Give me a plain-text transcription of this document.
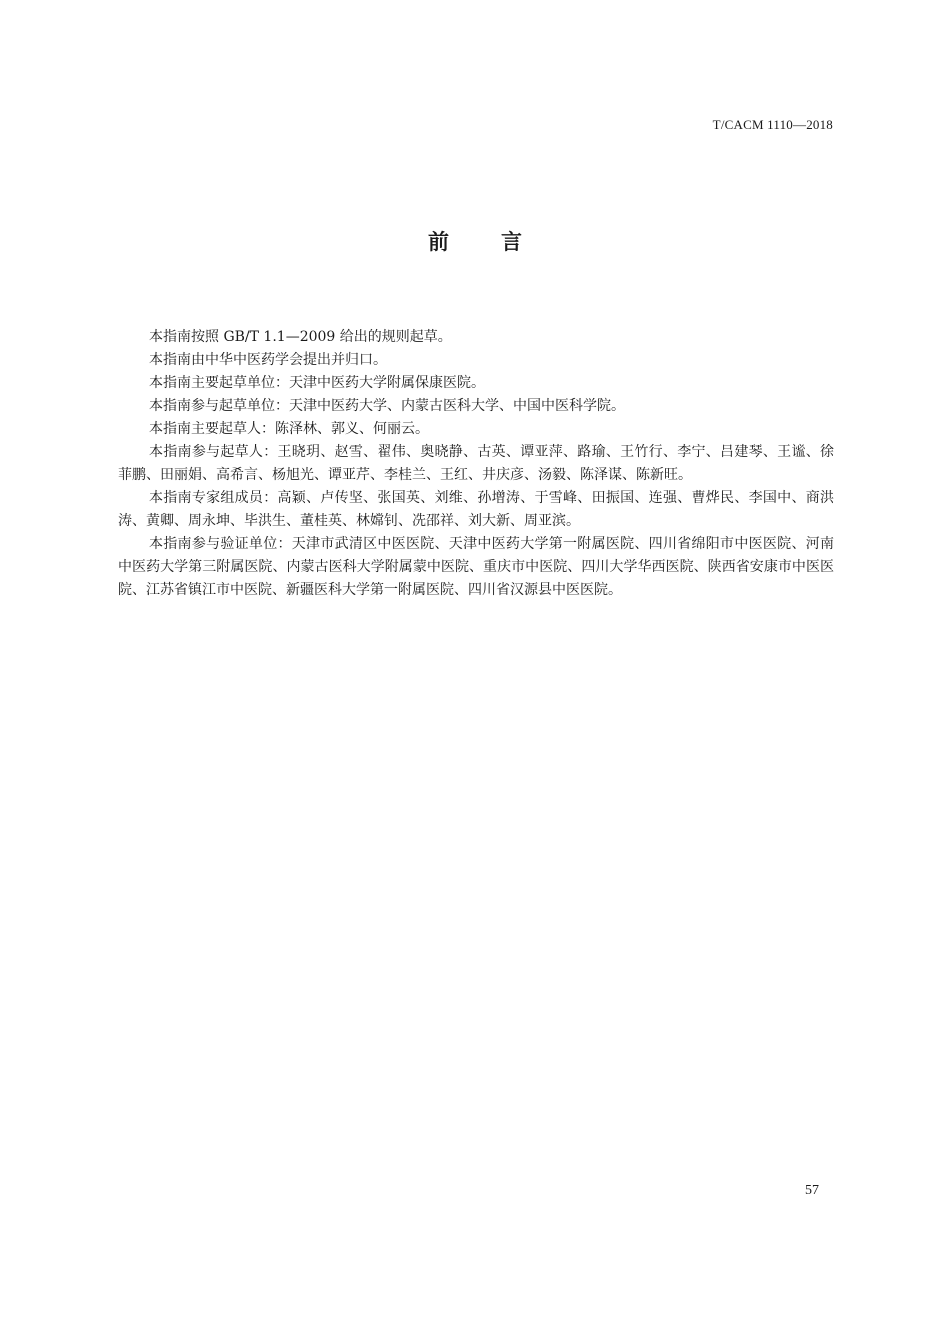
T/CACM 1110—2018
前言

本指南按照 GB/T 1.1—2009 给出的规则起草。

本指南由中华中医药学会提出并归口。

本指南主要起草单位：天津中医药大学附属保康医院。

本指南参与起草单位：天津中医药大学、内蒙古医科大学、中国中医科学院。

本指南主要起草人：陈泽林、郭义、何丽云。

本指南参与起草人：王晓玥、赵雪、翟伟、奥晓静、古英、谭亚萍、路瑜、王竹行、李宁、吕建琴、王谧、徐菲鹏、田丽娟、高希言、杨旭光、谭亚芹、李桂兰、王红、井庆彦、汤毅、陈泽谋、陈新旺。

本指南专家组成员：高颖、卢传坚、张国英、刘维、孙增涛、于雪峰、田振国、连强、曹烨民、李国中、商洪涛、黄卿、周永坤、毕洪生、董桂英、林嫦钊、冼邵祥、刘大新、周亚滨。

本指南参与验证单位：天津市武清区中医医院、天津中医药大学第一附属医院、四川省绵阳市中医医院、河南中医药大学第三附属医院、内蒙古医科大学附属蒙中医院、重庆市中医院、四川大学华西医院、陕西省安康市中医医院、江苏省镇江市中医院、新疆医科大学第一附属医院、四川省汉源县中医医院。

57
